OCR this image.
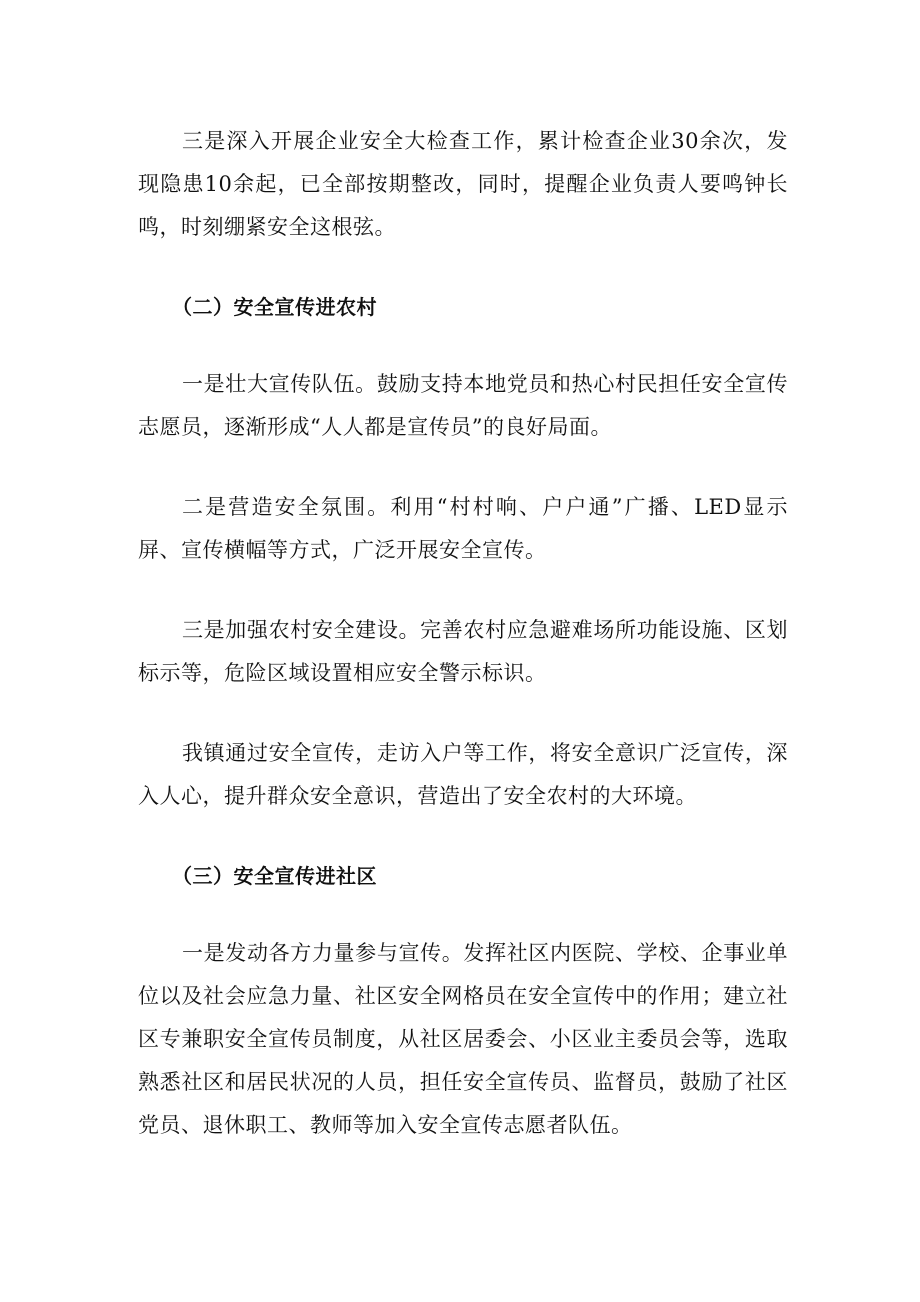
三是深入开展企业安全大检查工作，累计检查企业30余次，发现隐患10余起，已全部按期整改，同时，提醒企业负责人要鸣钟长鸣，时刻绷紧安全这根弦。

（二）安全宣传进农村

一是壮大宣传队伍。鼓励支持本地党员和热心村民担任安全宣传志愿员，逐渐形成“人人都是宣传员”的良好局面。

二是营造安全氛围。利用“村村响、户户通”广播、LED显示屏、宣传横幅等方式，广泛开展安全宣传。

三是加强农村安全建设。完善农村应急避难场所功能设施、区划标示等，危险区域设置相应安全警示标识。

我镇通过安全宣传，走访入户等工作，将安全意识广泛宣传，深入人心，提升群众安全意识，营造出了安全农村的大环境。

（三）安全宣传进社区

一是发动各方力量参与宣传。发挥社区内医院、学校、企事业单位以及社会应急力量、社区安全网格员在安全宣传中的作用；建立社区专兼职安全宣传员制度，从社区居委会、小区业主委员会等，选取熟悉社区和居民状况的人员，担任安全宣传员、监督员，鼓励了社区党员、退休职工、教师等加入安全宣传志愿者队伍。
